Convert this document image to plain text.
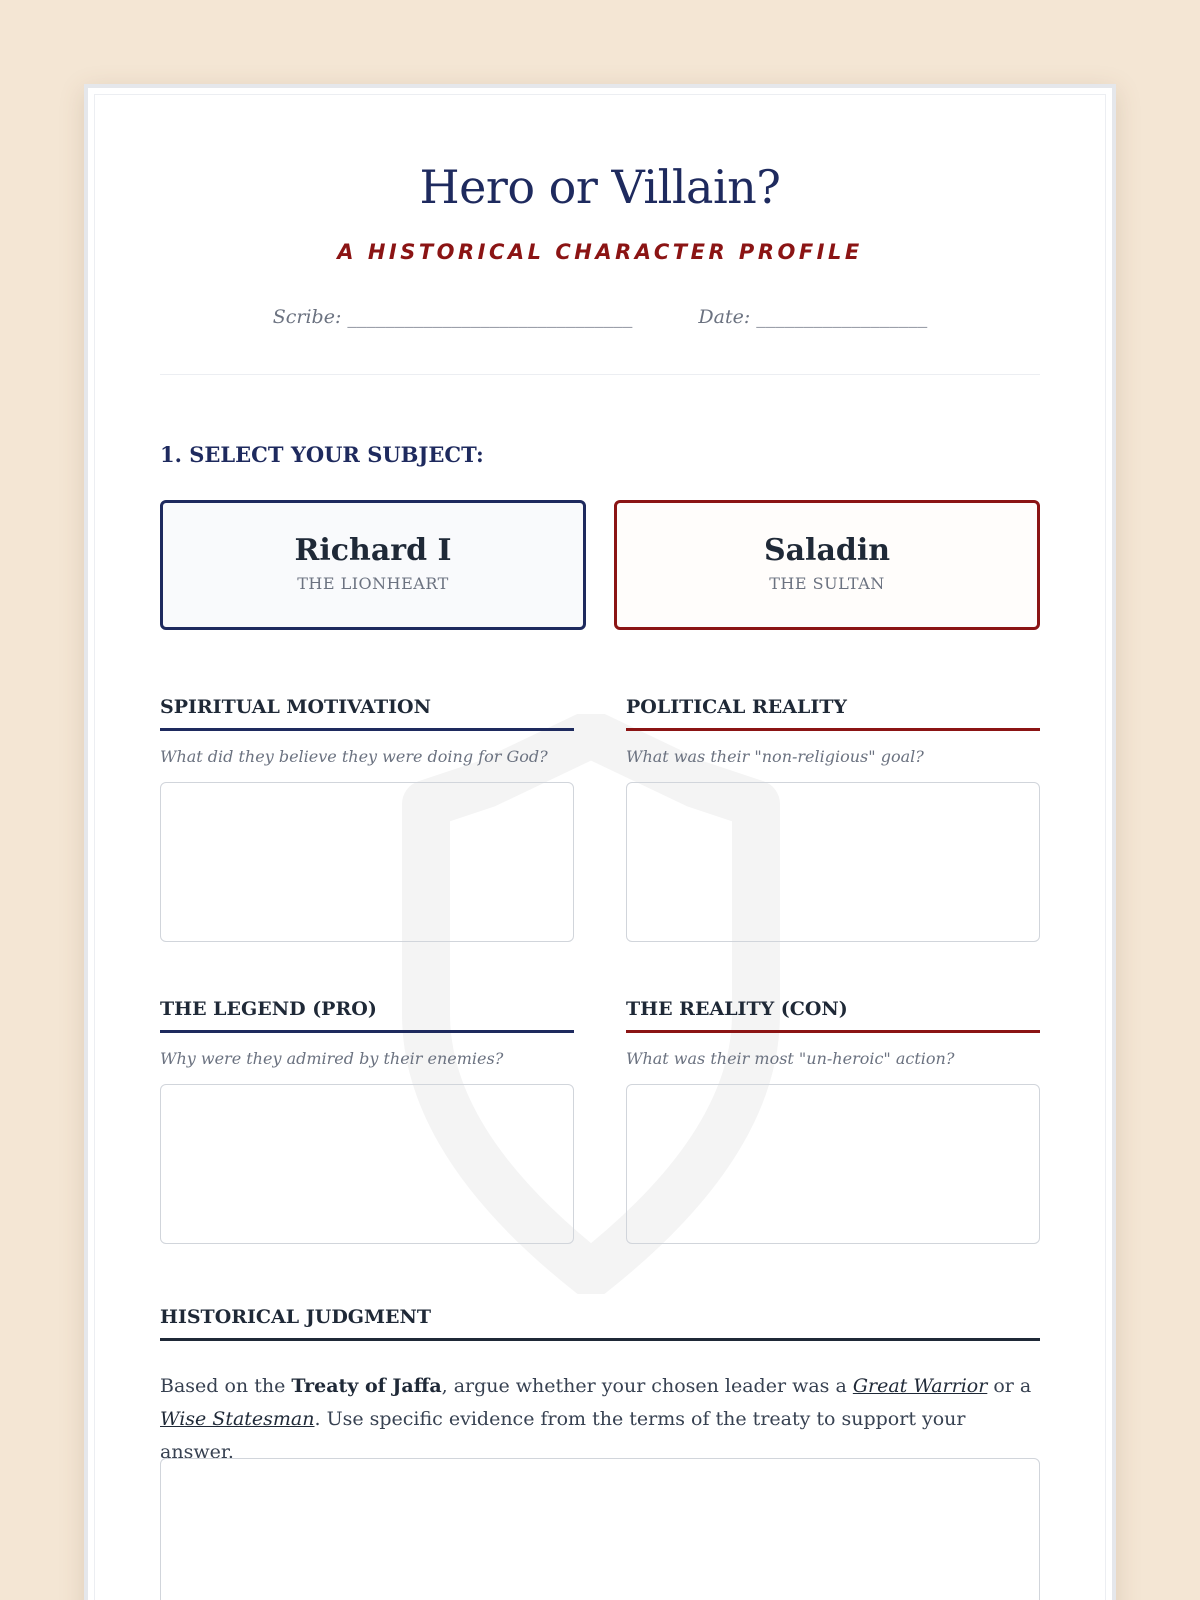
Hero or Villain?
A HISTORICAL CHARACTER PROFILE
Scribe: ______________________________	Date: __________________
1. SELECT YOUR SUBJECT:
Richard I
THE LIONHEART
Saladin
THE SULTAN
SPIRITUAL MOTIVATION
What did they believe they were doing for God?
POLITICAL REALITY
What was their "non-religious" goal?
THE LEGEND (PRO)
Why were they admired by their enemies?
THE REALITY (CON)
What was their most "un-heroic" action?
HISTORICAL JUDGMENT
Based on the Treaty of Jaffa, argue whether your chosen leader was a Great Warrior or a Wise Statesman. Use specific evidence from the terms of the treaty to support your answer.
